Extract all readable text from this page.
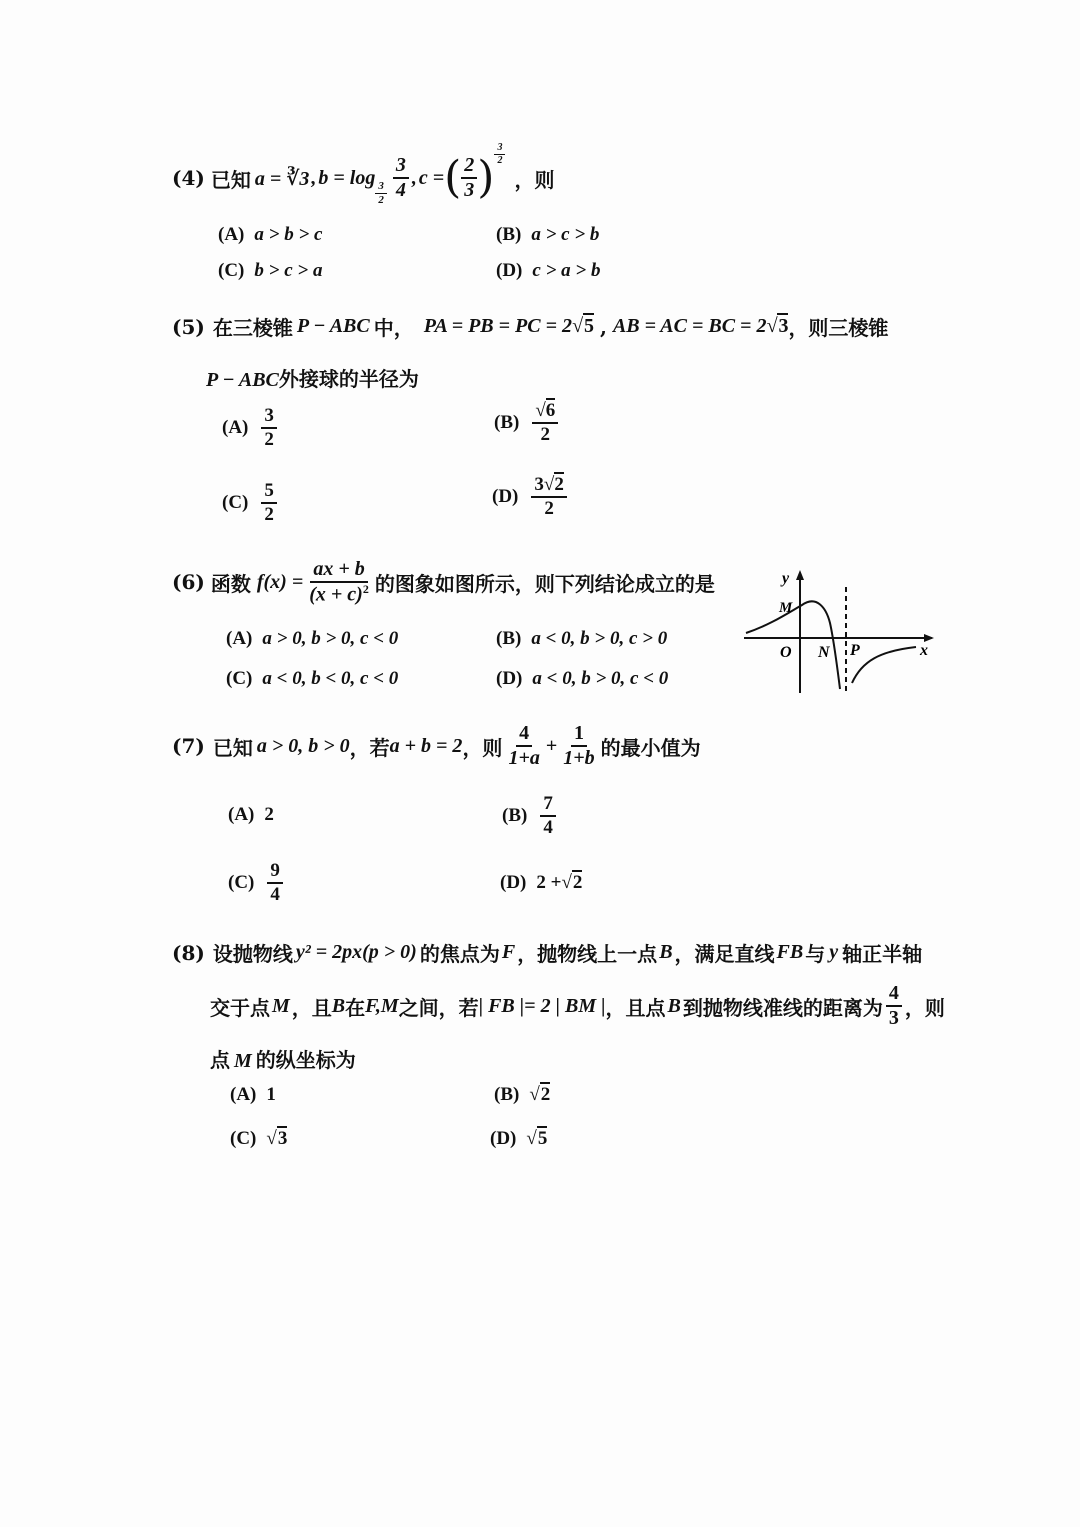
(4) 已知 a = ∛3 , b = log
$\frac{3}{2} \frac{3}{4}$ , c = ( $\frac{2}{3}$ ) $\frac{3}{2}$
，则
(A) a > b > c	(B) a > c > b
(C) b > c > a	(D) c > a > b
(5) 在三棱锥 P − ABC 中， PA = PB = PC = 2 √5 , AB = AC = BC = 2 √3 ，则三棱锥
P − ABC外接球的半径为
$(A) \frac{3}{2}$	$(B) \frac{√6}{2}$
$(C) \frac{5}{2}$	$(D) \frac{3√2}{2}$
(6) 函数 $f(x) = \frac{ax + b}{(x + c)^2}$ 的图象如图所示，则下列结论成立的是
(A) a > 0, b > 0, c < 0	(B) a < 0, b > 0, c > 0
(C) a < 0, b < 0, c < 0	(D) a < 0, b > 0, c < 0
y
M
O N P	x
(7) 已知 a > 0, b > 0 ，若 a + b = 2 ，则 $\frac{4}{1+a} + \frac{1}{1+b}$ 的最小值为
(A) 2	$(B) \frac{7}{4}$
$(C) \frac{9}{4}$	(D) 2 + √2
(8) 设抛物线 y² = 2px(p > 0) 的焦点为 F ，抛物线上一点 B ，满足直线 FB 与 y 轴正半轴
交于点 M ，且 B 在 F,M 之间，若 | FB |= 2 | BM | ，且点 B 到抛物线准线的距离为 $\frac{4}{3}$ ，则
点 M 的纵坐标为
(A) 1	(B) √2
(C) √3	(D) √5
